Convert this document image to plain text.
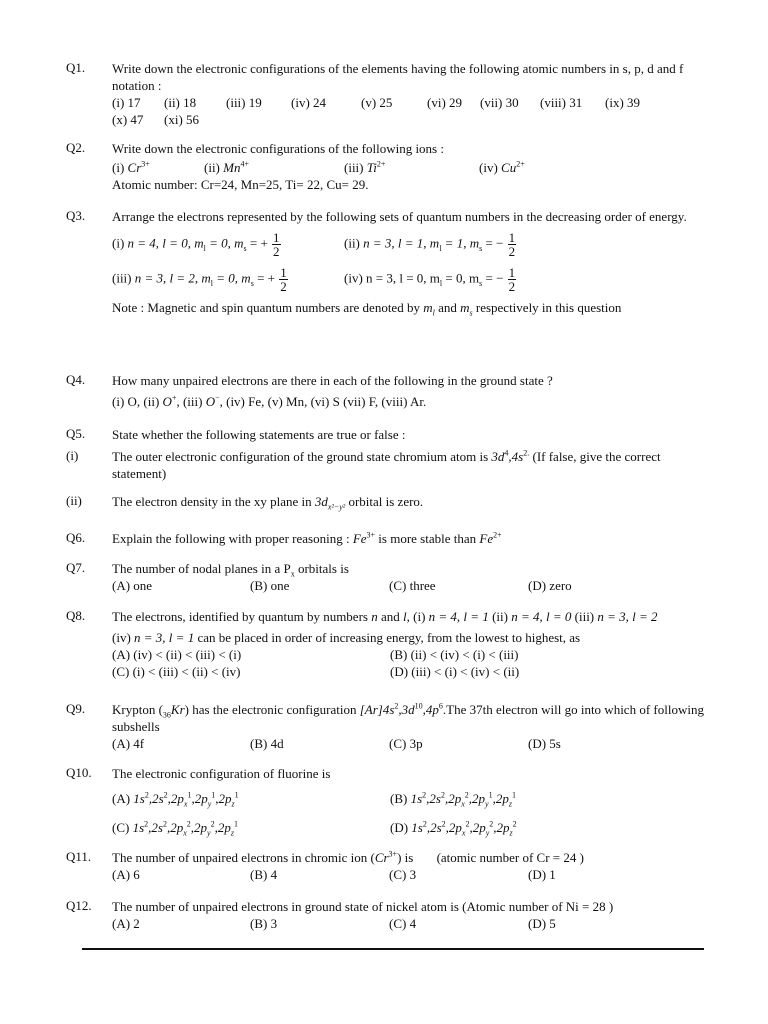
Q1.	Write down the electronic configurations of the elements having the following atomic numbers in s, p, d and f notation :
(i) 17	(ii) 18	(iii) 19	(iv) 24	(v) 25	(vi) 29	(vii) 30	(viii) 31	(ix) 39
(x) 47	(xi) 56
Q2.	Write down the electronic configurations of the following ions :
(i) $Cr^{3+}$	(ii) $Mn^{4+}$	(iii) $Ti^{2+}$	(iv) $Cu^{2+}$
Atomic number: Cr=24, Mn=25, Ti= 22, Cu= 29.
Q3.	Arrange the electrons represented by the following sets of quantum numbers in the decreasing order of energy.
(i) n = 4, l = 0, $m_l = 0$, $m_s$ = + $\frac{1}{2}$	(ii) n = 3, l = 1, $m_l = 1$, $m_s$ = − $\frac{1}{2}$
(iii) n = 3, l = 2, $m_l = 0$, $m_s$ = + $\frac{1}{2}$	(iv) n = 3, l = 0, $m_l = 0$, $m_s$ = − $\frac{1}{2}$
Note : Magnetic and spin quantum numbers are denoted by $m_l$ and $m_s$ respectively in this question
Q4.	How many unpaired electrons are there in each of the following in the ground state ?
(i) O, (ii) O+, (iii) O−, (iv) Fe, (v) Mn, (vi) S (vii) F, (viii) Ar.
Q5.	State whether the following statements are true or false :
(i)	The outer electronic configuration of the ground state chromium atom is $3d^4,4s^{2.}$ (If false, give the correct statement)
(ii)	The electron density in the xy plane in $3d_{x^2-y^2}$ orbital is zero.
Q6.	Explain the following with proper reasoning : $Fe^{3+}$ is more stable than $Fe^{2+}$
Q7.	The number of nodal planes in a $P_x$ orbitals is
(A) one	(B) one	(C) three	(D) zero
Q8.	The electrons, identified by quantum by numbers n and l, (i) n = 4, l = 1 (ii) n = 4, l = 0 (iii) n = 3, l = 2
(iv) n = 3, l = 1 can be placed in order of increasing energy, from the lowest to highest, as
(A) (iv) < (ii) < (iii) < (i)	(B) (ii) < (iv) < (i) < (iii)
(C) (i) < (iii) < (ii) < (iv)	(D) (iii) < (i) < (iv) < (ii)
Q9.	Krypton $(_{36}Kr)$ has the electronic configuration $[Ar]4s^2,3d^{10},4p^6.The$ 37th electron will go into which of following subshells
(A) 4f	(B) 4d	(C) 3p	(D) 5s
Q10.	The electronic configuration of fluorine is
(A) $1s^2,2s^2,2p_x^1,2p_y^1,2p_z^1$	(B) $1s^2,2s^2,2p_x^2,2p_y^1,2p_z^1$
(C) $1s^2,2s^2,2p_x^2,2p_y^2,2p_z^1$	(D) $1s^2,2s^2,2p_x^2,2p_y^2,2p_z^2$
Q11.	The number of unpaired electrons in chromic ion $(Cr^{3+})$ is (atomic number of Cr = 24 )
(A) 6	(B) 4	(C) 3	(D) 1
Q12.	The number of unpaired electrons in ground state of nickel atom is (Atomic number of Ni = 28 )
(A) 2	(B) 3	(C) 4	(D) 5
